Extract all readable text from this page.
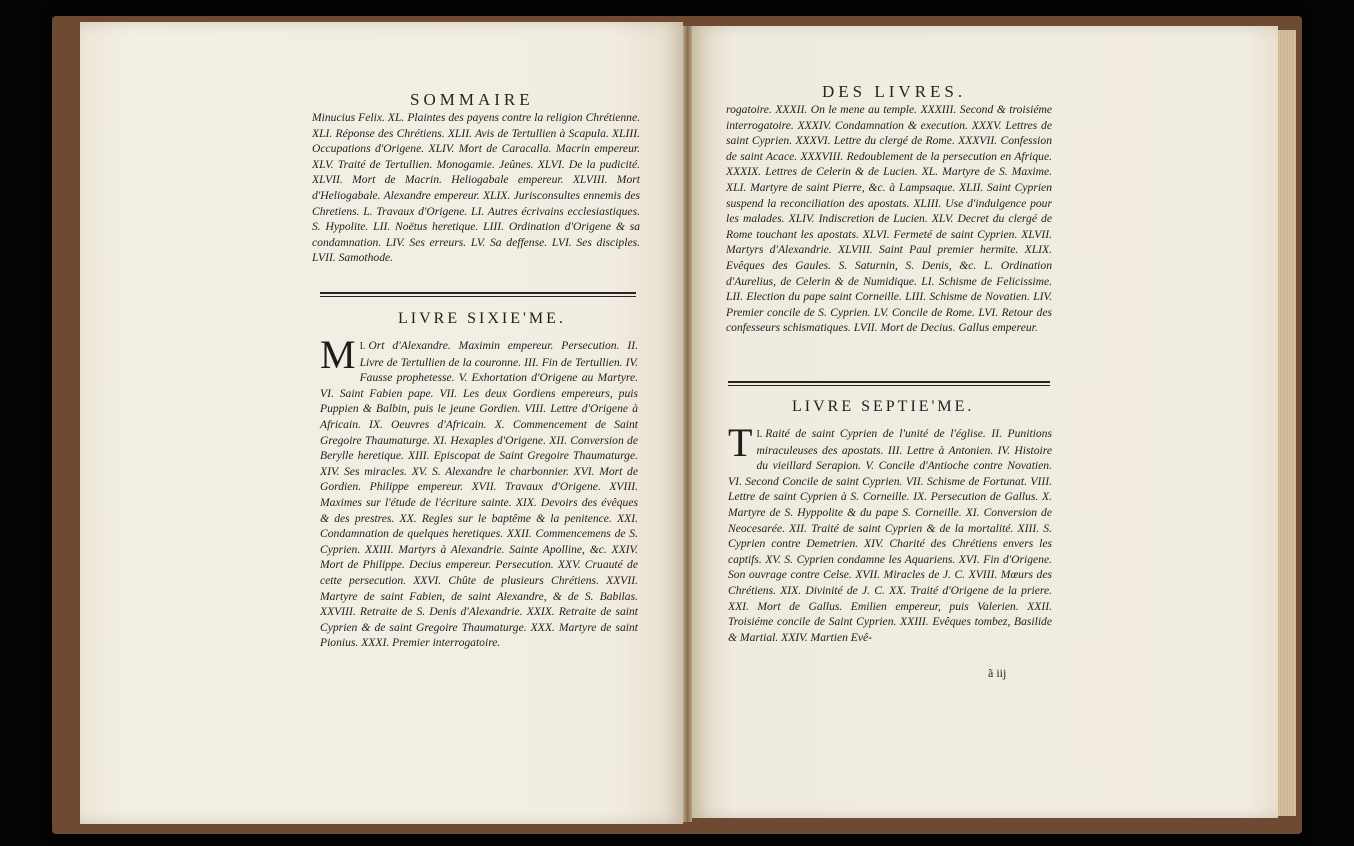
SOMMAIRE
Minucius Felix. XL. Plaintes des payens contre la religion Chrétienne. XLI. Réponse des Chrétiens. XLII. Avis de Tertullien à Scapula. XLIII. Occupations d'Origene. XLIV. Mort de Caracalla. Macrin empereur. XLV. Traité de Tertullien. Monogamie. Jeûnes. XLVI. De la pudicité. XLVII. Mort de Macrin. Heliogabale empereur. XLVIII. Mort d'Heliogabale. Alexandre empereur. XLIX. Jurisconsultes ennemis des Chretiens. L. Travaux d'Origene. LI. Autres écrivains ecclesiastiques. S. Hypolite. LII. Noëtus heretique. LIII. Ordination d'Origene & sa condamnation. LIV. Ses erreurs. LV. Sa deffense. LVI. Ses disciples. LVII. Samothode.
LIVRE SIXIE'ME.
I.
M Ort d'Alexandre. Maximin empereur. Persecution. II. Livre de Tertullien de la couronne. III. Fin de Tertullien. IV. Fausse prophetesse. V. Exhortation d'Origene au Martyre. VI. Saint Fabien pape. VII. Les deux Gordiens empereurs, puis Puppien & Balbin, puis le jeune Gordien. VIII. Lettre d'Origene à Africain. IX. Oeuvres d'Africain. X. Commencement de Saint Gregoire Thaumaturge. XI. Hexaples d'Origene. XII. Conversion de Berylle heretique. XIII. Episcopat de Saint Gregoire Thaumaturge. XIV. Ses miracles. XV. S. Alexandre le charbonnier. XVI. Mort de Gordien. Philippe empereur. XVII. Travaux d'Origene. XVIII. Maximes sur l'étude de l'écriture sainte. XIX. Devoirs des évêques & des prestres. XX. Regles sur le baptême & la penitence. XXI. Condamnation de quelques heretiques. XXII. Commencemens de S. Cyprien. XXIII. Martyrs à Alexandrie. Sainte Apolline, &c. XXIV. Mort de Philippe. Decius empereur. Persecution. XXV. Cruauté de cette persecution. XXVI. Chûte de plusieurs Chrétiens. XXVII. Martyre de saint Fabien, de saint Alexandre, & de S. Babilas. XXVIII. Retraite de S. Denis d'Alexandrie. XXIX. Retraite de saint Cyprien & de saint Gregoire Thaumaturge. XXX. Martyre de saint Pionius. XXXI. Premier interrogatoire.
DES LIVRES.
rogatoire. XXXII. On le mene au temple. XXXIII. Second & troisiéme interrogatoire. XXXIV. Condamnation & execution. XXXV. Lettres de saint Cyprien. XXXVI. Lettre du clergé de Rome. XXXVII. Confession de saint Acace. XXXVIII. Redoublement de la persecution en Afrique. XXXIX. Lettres de Celerin & de Lucien. XL. Martyre de S. Maxime. XLI. Martyre de saint Pierre, &c. à Lampsaque. XLII. Saint Cyprien suspend la reconciliation des apostats. XLIII. Use d'indulgence pour les malades. XLIV. Indiscretion de Lucien. XLV. Decret du clergé de Rome touchant les apostats. XLVI. Fermeté de saint Cyprien. XLVII. Martyrs d'Alexandrie. XLVIII. Saint Paul premier hermite. XLIX. Evêques des Gaules. S. Saturnin, S. Denis, &c. L. Ordination d'Aurelius, de Celerin & de Numidique. LI. Schisme de Felicissime. LII. Election du pape saint Corneille. LIII. Schisme de Novatien. LIV. Premier concile de S. Cyprien. LV. Concile de Rome. LVI. Retour des confesseurs schismatiques. LVII. Mort de Decius. Gallus empereur.
LIVRE SEPTIE'ME.
I.
T Raité de saint Cyprien de l'unité de l'église. II. Punitions miraculeuses des apostats. III. Lettre à Antonien. IV. Histoire du vieillard Serapion. V. Concile d'Antioche contre Novatien. VI. Second Concile de saint Cyprien. VII. Schisme de Fortunat. VIII. Lettre de saint Cyprien à S. Corneille. IX. Persecution de Gallus. X. Martyre de S. Hyppolite & du pape S. Corneille. XI. Conversion de Neocesarée. XII. Traité de saint Cyprien & de la mortalité. XIII. S. Cyprien contre Demetrien. XIV. Charité des Chrétiens envers les captifs. XV. S. Cyprien condamne les Aquariens. XVI. Fin d'Origene. Son ouvrage contre Celse. XVII. Miracles de J. C. XVIII. Mœurs des Chrétiens. XIX. Divinité de J. C. XX. Traité d'Origene de la priere. XXI. Mort de Gallus. Emilien empereur, puis Valerien. XXII. Troisiéme concile de Saint Cyprien. XXIII. Evêques tombez, Basilide & Martial. XXIV. Martien Evê-
ã iij
